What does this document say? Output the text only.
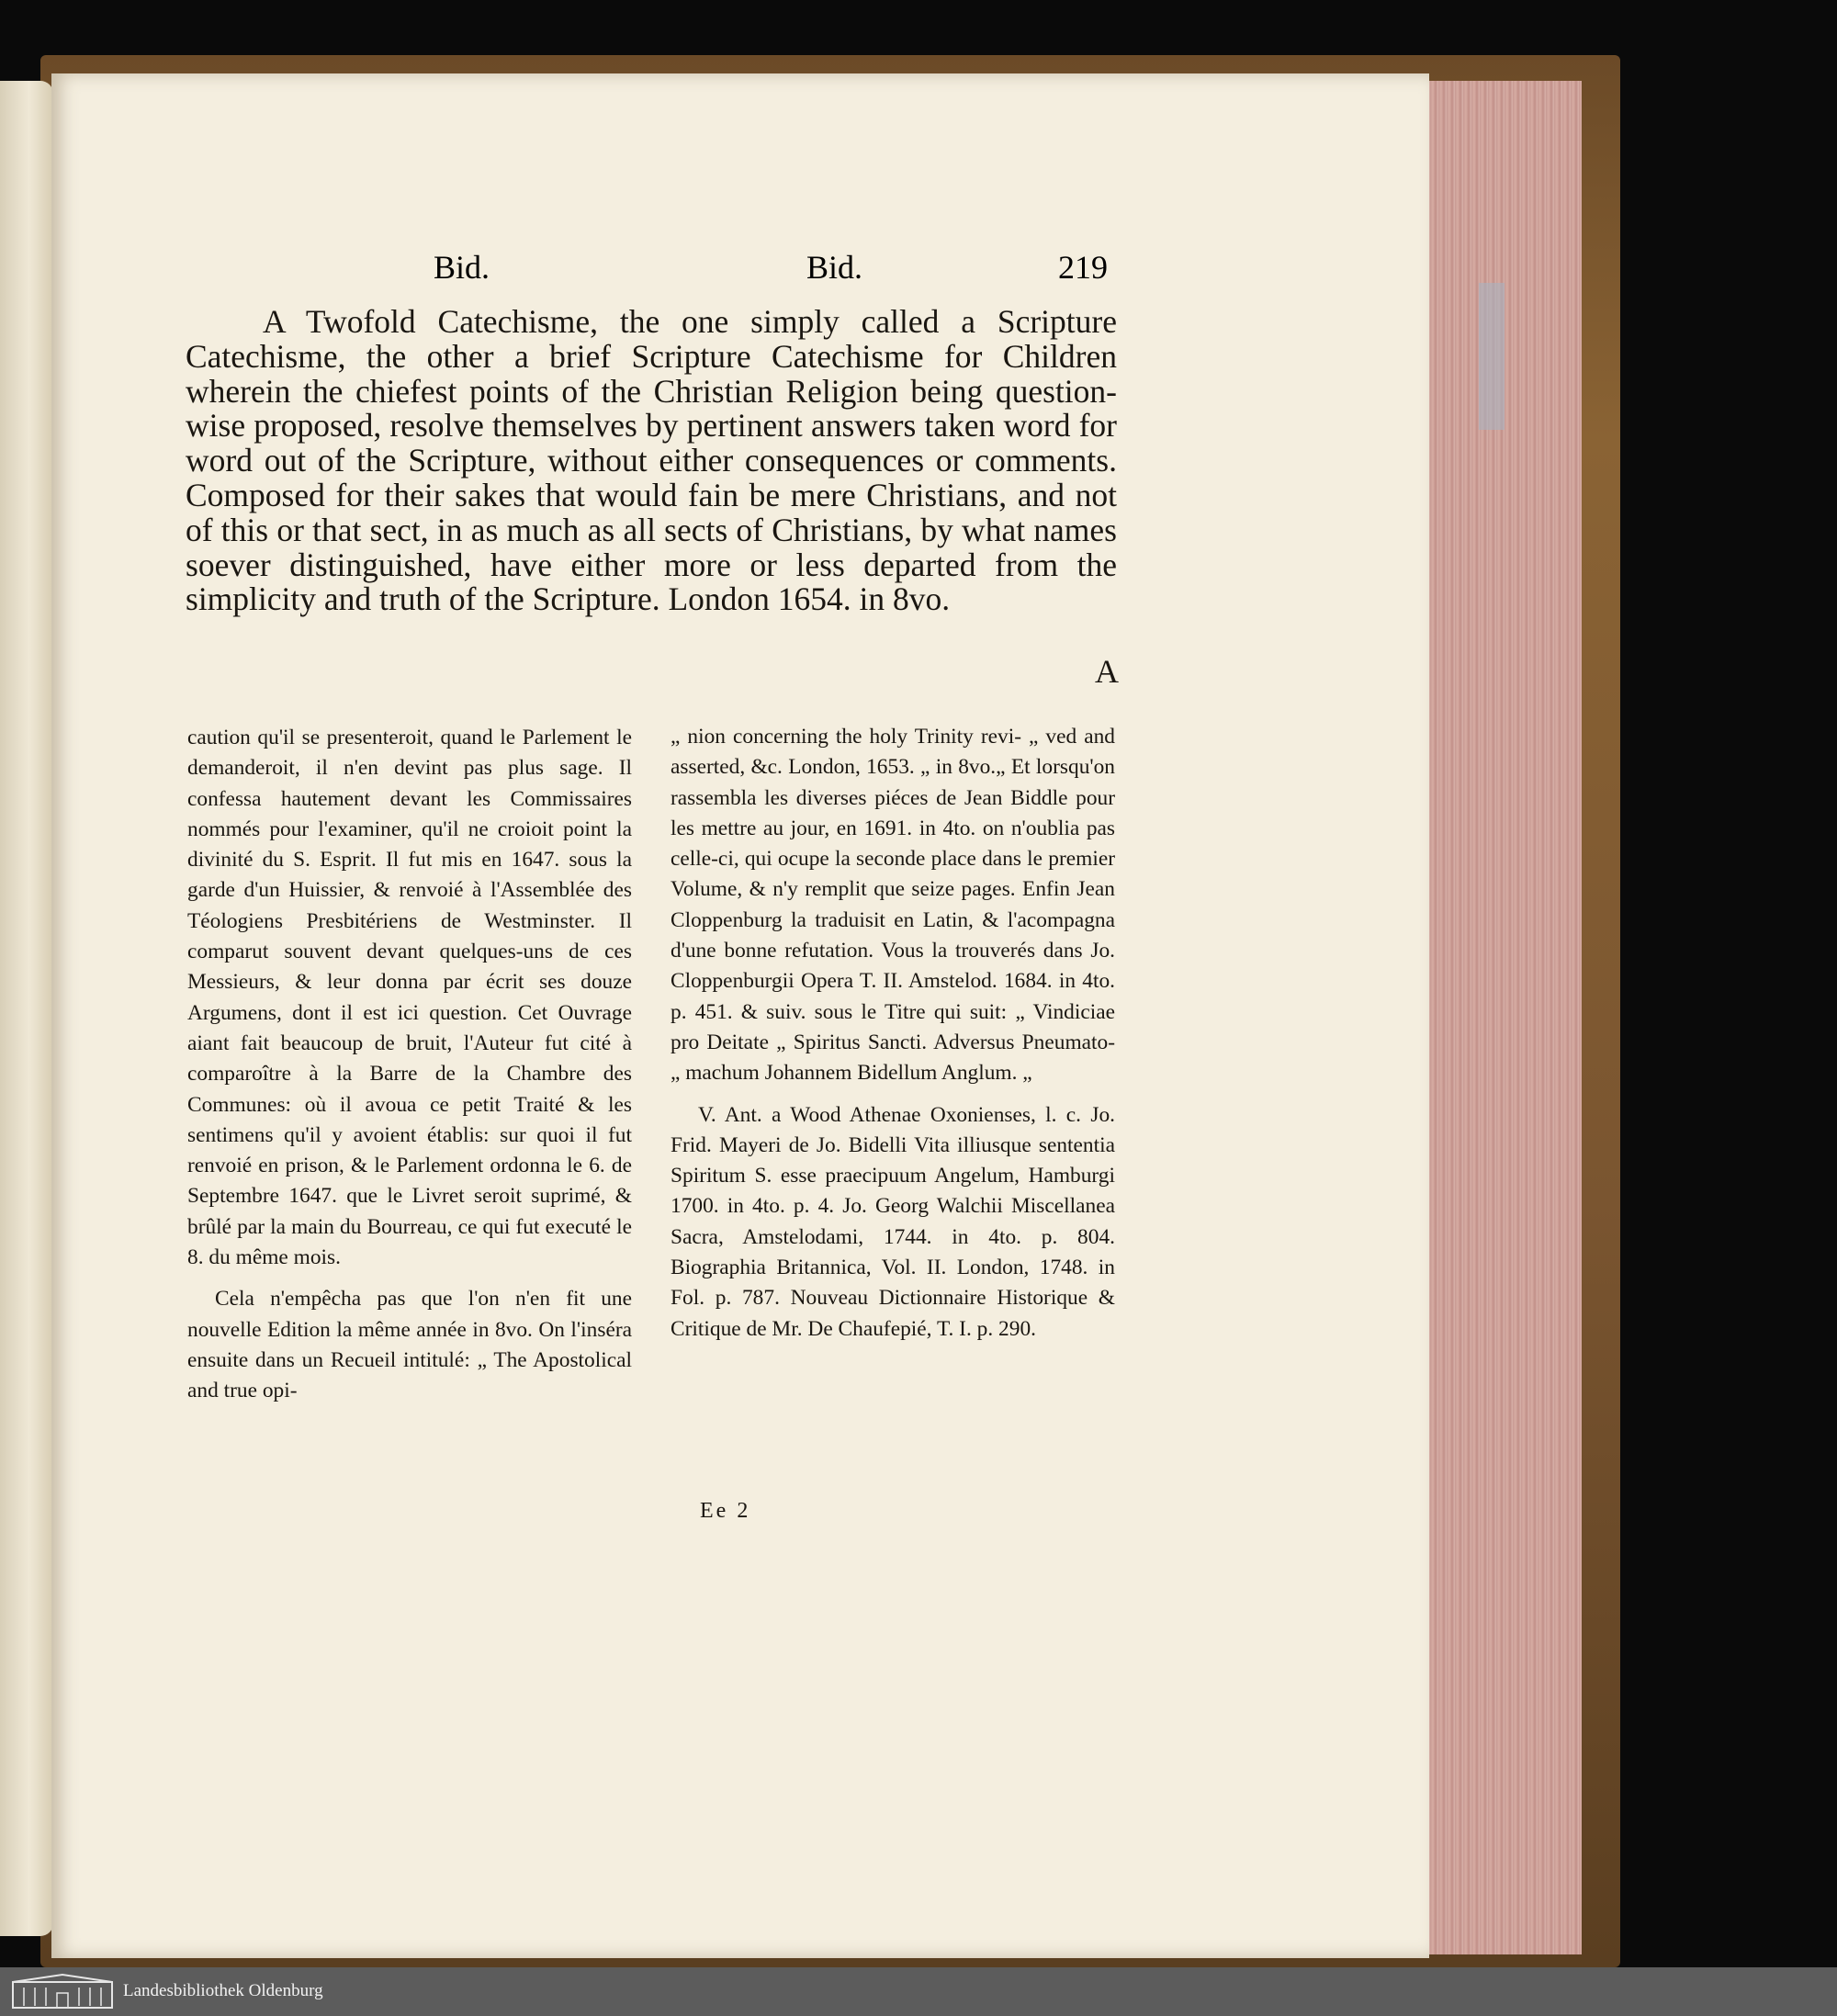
Bid.	Bid.	219
A Twofold Catechisme, the one simply called a Scripture Catechisme, the other a brief Scripture Catechisme for Children wherein the chiefest points of the Christian Religion being question-wise proposed, resolve themselves by pertinent answers taken word for word out of the Scripture, without either consequences or comments. Composed for their sakes that would fain be mere Christians, and not of this or that sect, in as much as all sects of Christians, by what names soever distinguished, have either more or less departed from the simplicity and truth of the Scripture. London 1654. in 8vo.
A

caution qu'il se presenteroit, quand le Parlement le demanderoit, il n'en devint pas plus sage. Il confessa hautement devant les Commissaires nommés pour l'examiner, qu'il ne croioit point la divinité du S. Esprit. Il fut mis en 1647. sous la garde d'un Huissier, & renvoié à l'Assemblée des Téologiens Presbitériens de Westminster. Il comparut souvent devant quelques-uns de ces Messieurs, & leur donna par écrit ses douze Argumens, dont il est ici question. Cet Ouvrage aiant fait beaucoup de bruit, l'Auteur fut cité à comparoître à la Barre de la Chambre des Communes: où il avoua ce petit Traité & les sentimens qu'il y avoient établis: sur quoi il fut renvoié en prison, & le Parlement ordonna le 6. de Septembre 1647. que le Livret seroit suprimé, & brûlé par la main du Bourreau, ce qui fut executé le 8. du même mois.

Cela n'empêcha pas que l'on n'en fit une nouvelle Edition la même année in 8vo. On l'inséra ensuite dans un Recueil intitulé: „ The Apostolical and true opi-

„ nion concerning the holy Trinity revi- „ ved and asserted, &c. London, 1653. „ in 8vo.„ Et lorsqu'on rassembla les diverses piéces de Jean Biddle pour les mettre au jour, en 1691. in 4to. on n'oublia pas celle-ci, qui ocupe la seconde place dans le premier Volume, & n'y remplit que seize pages. Enfin Jean Cloppenburg la traduisit en Latin, & l'acompagna d'une bonne refutation. Vous la trouverés dans Jo. Cloppenburgii Opera T. II. Amstelod. 1684. in 4to. p. 451. & suiv. sous le Titre qui suit: „ Vindiciae pro Deitate „ Spiritus Sancti. Adversus Pneumato- „ machum Johannem Bidellum Anglum. „

V. Ant. a Wood Athenae Oxonienses, l. c. Jo. Frid. Mayeri de Jo. Bidelli Vita illiusque sententia Spiritum S. esse praecipuum Angelum, Hamburgi 1700. in 4to. p. 4. Jo. Georg Walchii Miscellanea Sacra, Amstelodami, 1744. in 4to. p. 804. Biographia Britannica, Vol. II. London, 1748. in Fol. p. 787. Nouveau Dictionnaire Historique & Critique de Mr. De Chaufepié, T. I. p. 290.

Ee 2
Landesbibliothek Oldenburg
